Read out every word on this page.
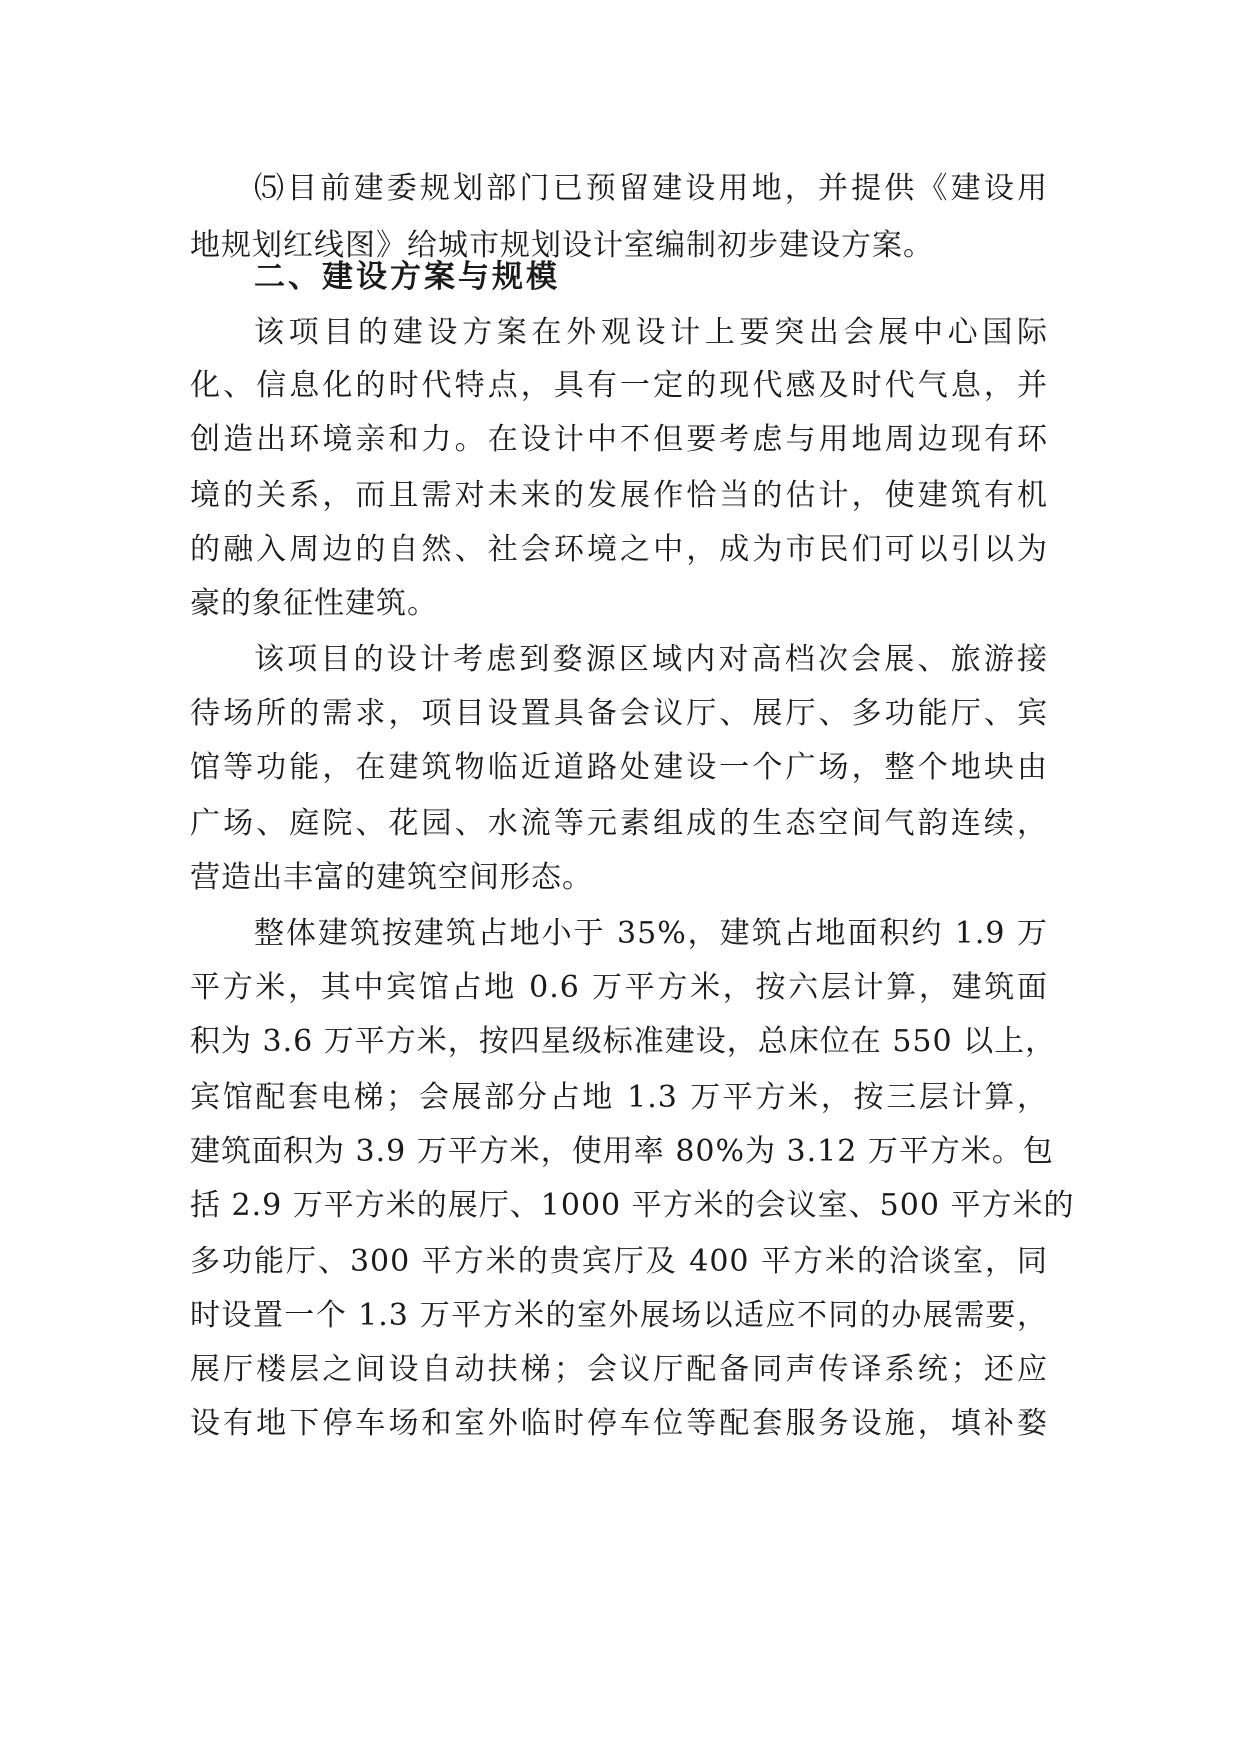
⑸目前建委规划部门已预留建设用地，并提供《建设用
地规划红线图》给城市规划设计室编制初步建设方案。
二、建设方案与规模
该项目的建设方案在外观设计上要突出会展中心国际
化、信息化的时代特点，具有一定的现代感及时代气息，并
创造出环境亲和力。在设计中不但要考虑与用地周边现有环
境的关系，而且需对未来的发展作恰当的估计，使建筑有机
的融入周边的自然、社会环境之中，成为市民们可以引以为
豪的象征性建筑。
该项目的设计考虑到婺源区域内对高档次会展、旅游接
待场所的需求，项目设置具备会议厅、展厅、多功能厅、宾
馆等功能，在建筑物临近道路处建设一个广场，整个地块由
广场、庭院、花园、水流等元素组成的生态空间气韵连续，
营造出丰富的建筑空间形态。
整体建筑按建筑占地小于 35%，建筑占地面积约 1.9 万
平方米，其中宾馆占地 0.6 万平方米，按六层计算，建筑面
积为 3.6 万平方米，按四星级标准建设，总床位在 550 以上，
宾馆配套电梯；会展部分占地 1.3 万平方米，按三层计算，
建筑面积为 3.9 万平方米，使用率 80%为 3.12 万平方米。包
括 2.9 万平方米的展厅、1000 平方米的会议室、500 平方米的
多功能厅、300 平方米的贵宾厅及 400 平方米的洽谈室，同
时设置一个 1.3 万平方米的室外展场以适应不同的办展需要，
展厅楼层之间设自动扶梯；会议厅配备同声传译系统；还应
设有地下停车场和室外临时停车位等配套服务设施，填补婺
